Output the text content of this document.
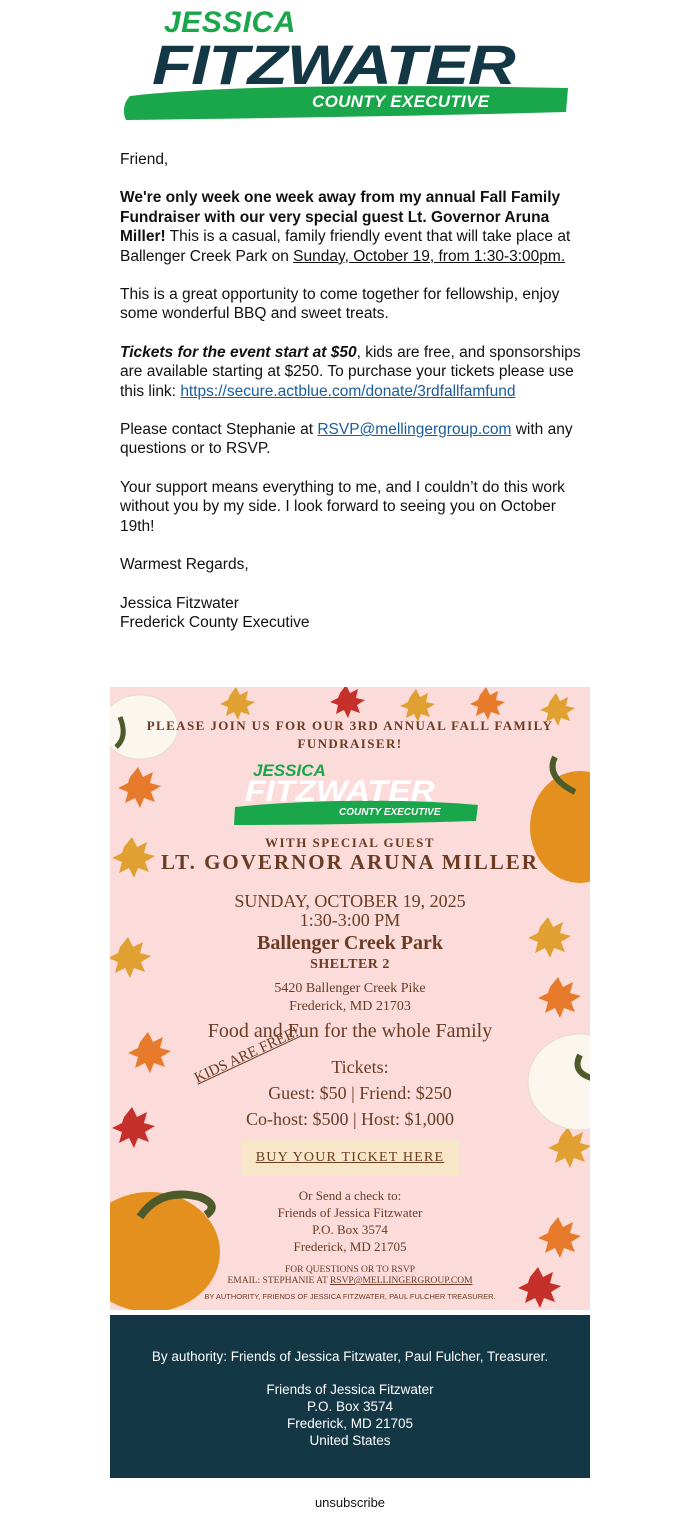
JESSICA
FITZWATER
COUNTY EXECUTIVE

Friend,

We're only week one week away from my annual Fall Family Fundraiser with our very special guest Lt. Governor Aruna Miller! This is a casual, family friendly event that will take place at Ballenger Creek Park on Sunday, October 19, from 1:30-3:00pm.

This is a great opportunity to come together for fellowship, enjoy some wonderful BBQ and sweet treats.

Tickets for the event start at $50, kids are free, and sponsorships are available starting at $250. To purchase your tickets please use this link: https://secure.actblue.com/donate/3rdfallfamfund

Please contact Stephanie at RSVP@mellingergroup.com with any questions or to RSVP.

Your support means everything to me, and I couldn’t do this work without you by my side. I look forward to seeing you on October 19th!

Warmest Regards,

Jessica Fitzwater
Frederick County Executive

PLEASE JOIN US FOR OUR 3RD ANNUAL FALL FAMILY FUNDRAISER!
JESSICA
FITZWATER
COUNTY EXECUTIVE
WITH SPECIAL GUEST
LT. GOVERNOR ARUNA MILLER
SUNDAY, OCTOBER 19, 2025
1:30-3:00 PM
Ballenger Creek Park
SHELTER 2
5420 Ballenger Creek Pike
Frederick, MD 21703
Food and Fun for the whole Family
Tickets:
KIDS ARE FREE!
Guest: $50 | Friend: $250
Co-host: $500 | Host: $1,000
BUY YOUR TICKET HERE
Or Send a check to:
Friends of Jessica Fitzwater
P.O. Box 3574
Frederick, MD 21705
FOR QUESTIONS OR TO RSVP
EMAIL: STEPHANIE AT RSVP@MELLINGERGROUP.COM
BY AUTHORITY, FRIENDS OF JESSICA FITZWATER, PAUL FULCHER TREASURER.
By authority: Friends of Jessica Fitzwater, Paul Fulcher, Treasurer.
Friends of Jessica Fitzwater
P.O. Box 3574
Frederick, MD 21705
United States
unsubscribe
